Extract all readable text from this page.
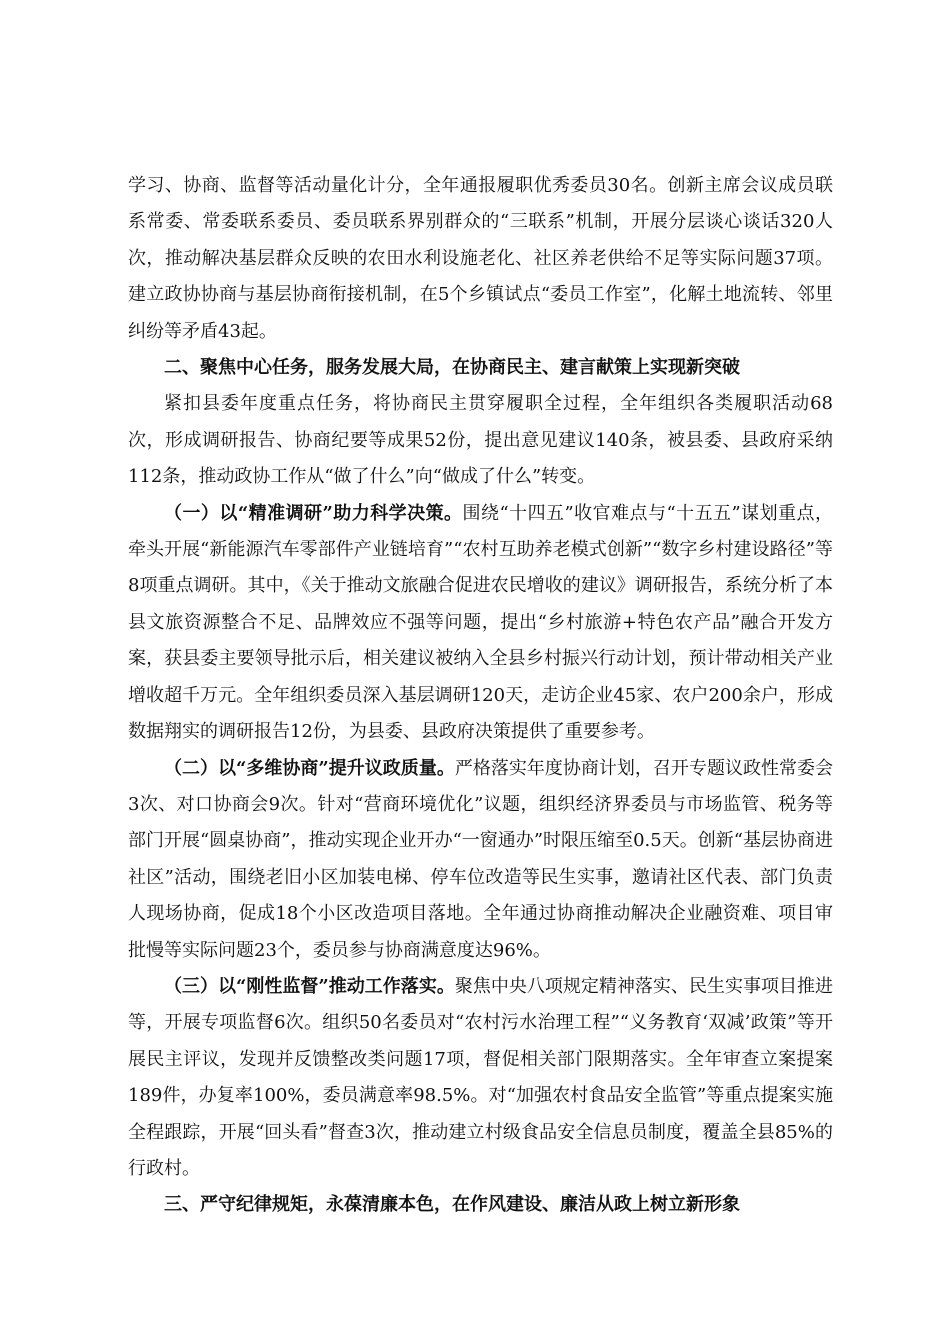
学习、协商、监督等活动量化计分，全年通报履职优秀委员30名。创新主席会议成员联系常委、常委联系委员、委员联系界别群众的“三联系”机制，开展分层谈心谈话320人次，推动解决基层群众反映的农田水利设施老化、社区养老供给不足等实际问题37项。建立政协协商与基层协商衔接机制，在5个乡镇试点“委员工作室”，化解土地流转、邻里纠纷等矛盾43起。

二、聚焦中心任务，服务发展大局，在协商民主、建言献策上实现新突破

紧扣县委年度重点任务，将协商民主贯穿履职全过程，全年组织各类履职活动68次，形成调研报告、协商纪要等成果52份，提出意见建议140条，被县委、县政府采纳112条，推动政协工作从“做了什么”向“做成了什么”转变。

（一）以“精准调研”助力科学决策。围绕“十四五”收官难点与“十五五”谋划重点，牵头开展“新能源汽车零部件产业链培育”“农村互助养老模式创新”“数字乡村建设路径”等8项重点调研。其中，《关于推动文旅融合促进农民增收的建议》调研报告，系统分析了本县文旅资源整合不足、品牌效应不强等问题，提出“乡村旅游+特色农产品”融合开发方案，获县委主要领导批示后，相关建议被纳入全县乡村振兴行动计划，预计带动相关产业增收超千万元。全年组织委员深入基层调研120天，走访企业45家、农户200余户，形成数据翔实的调研报告12份，为县委、县政府决策提供了重要参考。

（二）以“多维协商”提升议政质量。严格落实年度协商计划，召开专题议政性常委会3次、对口协商会9次。针对“营商环境优化”议题，组织经济界委员与市场监管、税务等部门开展“圆桌协商”，推动实现企业开办“一窗通办”时限压缩至0.5天。创新“基层协商进社区”活动，围绕老旧小区加装电梯、停车位改造等民生实事，邀请社区代表、部门负责人现场协商，促成18个小区改造项目落地。全年通过协商推动解决企业融资难、项目审批慢等实际问题23个，委员参与协商满意度达96%。

（三）以“刚性监督”推动工作落实。聚焦中央八项规定精神落实、民生实事项目推进等，开展专项监督6次。组织50名委员对“农村污水治理工程”“义务教育‘双减’政策”等开展民主评议，发现并反馈整改类问题17项，督促相关部门限期落实。全年审查立案提案189件，办复率100%，委员满意率98.5%。对“加强农村食品安全监管”等重点提案实施全程跟踪，开展“回头看”督查3次，推动建立村级食品安全信息员制度，覆盖全县85%的行政村。

三、严守纪律规矩，永葆清廉本色，在作风建设、廉洁从政上树立新形象
